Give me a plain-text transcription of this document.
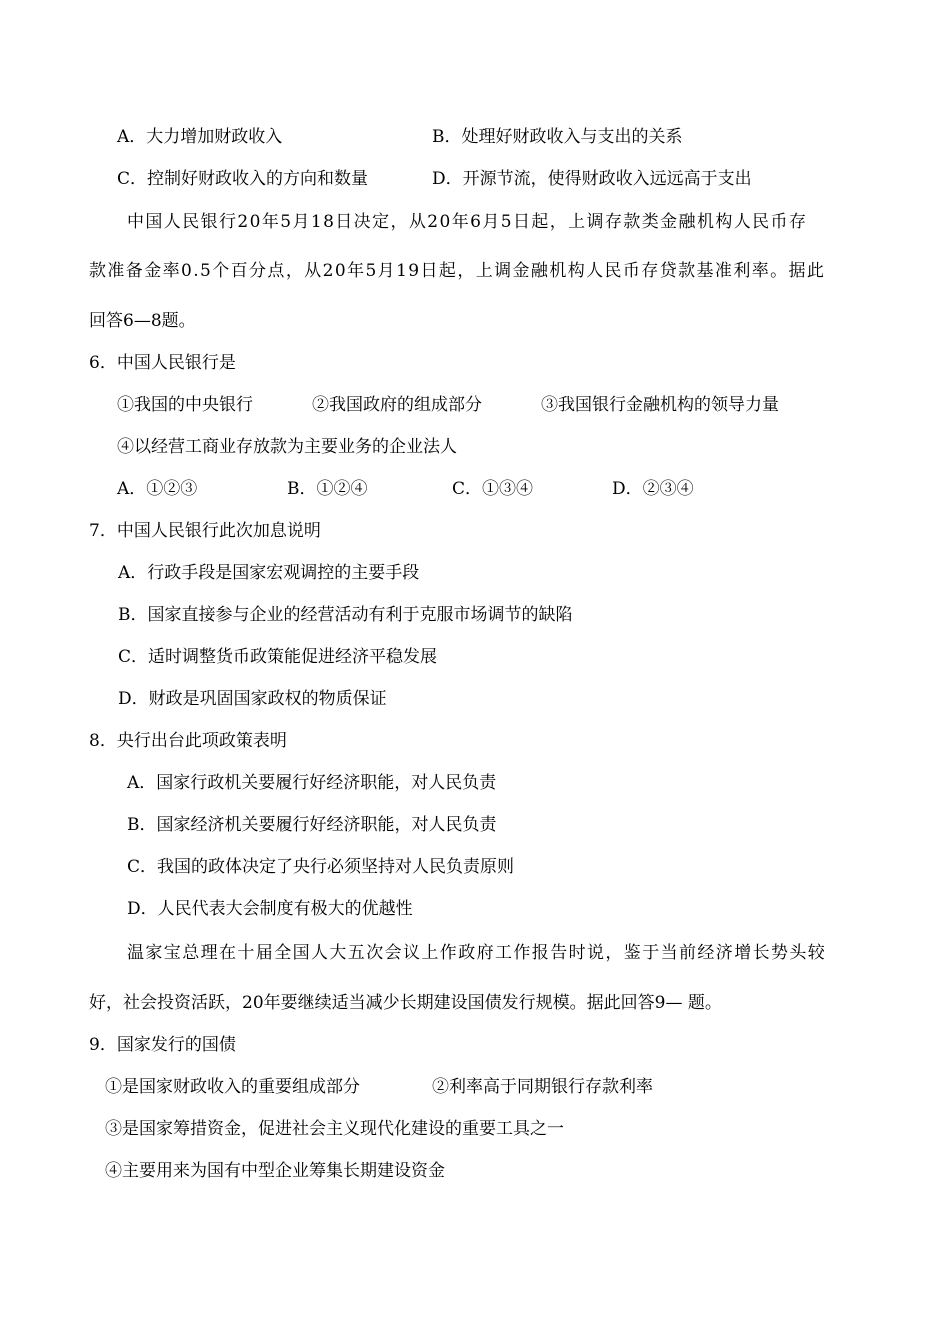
A．大力增加财政收入	B．处理好财政收入与支出的关系
C．控制好财政收入的方向和数量	D．开源节流，使得财政收入远远高于支出
中国人民银行20年5月18日决定，从20年6月5日起，上调存款类金融机构人民币存
款准备金率0.5个百分点，从20年5月19日起，上调金融机构人民币存贷款基准利率。据此
回答6—8题。
6．中国人民银行是
①我国的中央银行	②我国政府的组成部分	③我国银行金融机构的领导力量
④以经营工商业存放款为主要业务的企业法人
A．①②③	B．①②④	C．①③④	D．②③④
7．中国人民银行此次加息说明
A．行政手段是国家宏观调控的主要手段
B．国家直接参与企业的经营活动有利于克服市场调节的缺陷
C．适时调整货币政策能促进经济平稳发展
D．财政是巩固国家政权的物质保证
8．央行出台此项政策表明
A．国家行政机关要履行好经济职能，对人民负责
B．国家经济机关要履行好经济职能，对人民负责
C．我国的政体决定了央行必须坚持对人民负责原则
D．人民代表大会制度有极大的优越性
温家宝总理在十届全国人大五次会议上作政府工作报告时说，鉴于当前经济增长势头较
好，社会投资活跃，20年要继续适当减少长期建设国债发行规模。据此回答9— 题。
9．国家发行的国债
①是国家财政收入的重要组成部分	②利率高于同期银行存款利率
③是国家筹措资金，促进社会主义现代化建设的重要工具之一
④主要用来为国有中型企业筹集长期建设资金
